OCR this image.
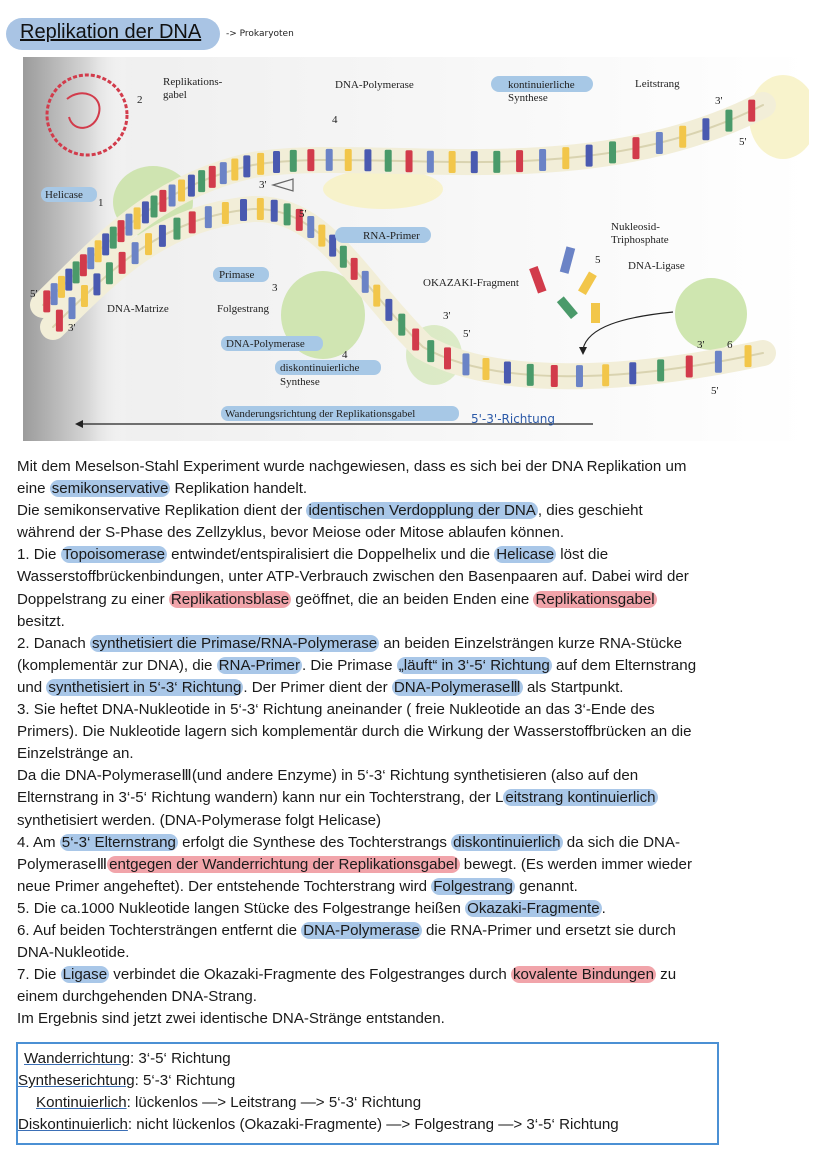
Replikation der DNA	-> Prokaryoten
Replikations-
gabel
2
DNA-Polymerase
4
kontinuierliche
Synthese
Leitstrang
3'
5'
3'
5'
Helicase
1
RNA-Primer
Nukleosid-
Triphosphate
5	DNA-Ligase
Primase
3	OKAZAKI-Fragment
5'
DNA-Matrize	Folgestrang
3'
3'	5'
DNA-Polymerase	3' 6
4
diskontinuierliche
Synthese
5'
Wanderungsrichtung der Replikationsgabel	5'-3'-Richtung

Mit dem Meselson-Stahl Experiment wurde nachgewiesen, dass es sich bei der DNA Replikation um

eine semikonservative Replikation handelt.

Die semikonservative Replikation dient der identischen Verdopplung der DNA , dies geschieht

während der S-Phase des Zellzyklus, bevor Meiose oder Mitose ablaufen können.

1. Die Topoisomerase entwindet/entspiralisiert die Doppelhelix und die Helicase löst die

Wasserstoffbrückenbindungen, unter ATP-Verbrauch zwischen den Basenpaaren auf. Dabei wird der

Doppelstrang zu einer Replikationsblase geöffnet, die an beiden Enden eine Replikationsgabel

besitzt.

2. Danach synthetisiert die Primase/RNA-Polymerase an beiden Einzelsträngen kurze RNA-Stücke

(komplementär zur DNA), die RNA-Primer . Die Primase „läuft“ in 3‘-5‘ Richtung auf dem Elternstrang

und synthetisiert in 5‘-3‘ Richtung . Der Primer dient der DNA-PolymeraseⅢ als Startpunkt.

3. Sie heftet DNA-Nukleotide in 5‘-3‘ Richtung aneinander ( freie Nukleotide an das 3‘-Ende des

Primers). Die Nukleotide lagern sich komplementär durch die Wirkung der Wasserstoffbrücken an die

Einzelstränge an.

Da die DNA-PolymeraseⅢ(und andere Enzyme) in 5‘-3‘ Richtung synthetisieren (also auf den

Elternstrang in 3‘-5‘ Richtung wandern) kann nur ein Tochterstrang, der L eitstrang kontinuierlich

synthetisiert werden. (DNA-Polymerase folgt Helicase)

4. Am 5‘-3‘ Elternstrang erfolgt die Synthese des Tochterstrangs diskontinuierlich da sich die DNA-

PolymeraseⅢ entgegen der Wanderrichtung der Replikationsgabel bewegt. (Es werden immer wieder

neue Primer angeheftet). Der entstehende Tochterstrang wird Folgestrang genannt.

5. Die ca.1000 Nukleotide langen Stücke des Folgestrange heißen Okazaki-Fragmente .

6. Auf beiden Tochtersträngen entfernt die DNA-Polymerase die RNA-Primer und ersetzt sie durch

DNA-Nukleotide.

7. Die Ligase verbindet die Okazaki-Fragmente des Folgestranges durch kovalente Bindungen zu

einem durchgehenden DNA-Strang.

Im Ergebnis sind jetzt zwei identische DNA-Stränge entstanden.

Wanderrichtung: 3‘-5‘ Richtung

Syntheserichtung: 5‘-3‘ Richtung

Kontinuierlich: lückenlos —> Leitstrang —> 5‘-3‘ Richtung

Diskontinuierlich: nicht lückenlos (Okazaki-Fragmente) —> Folgestrang —> 3‘-5‘ Richtung
